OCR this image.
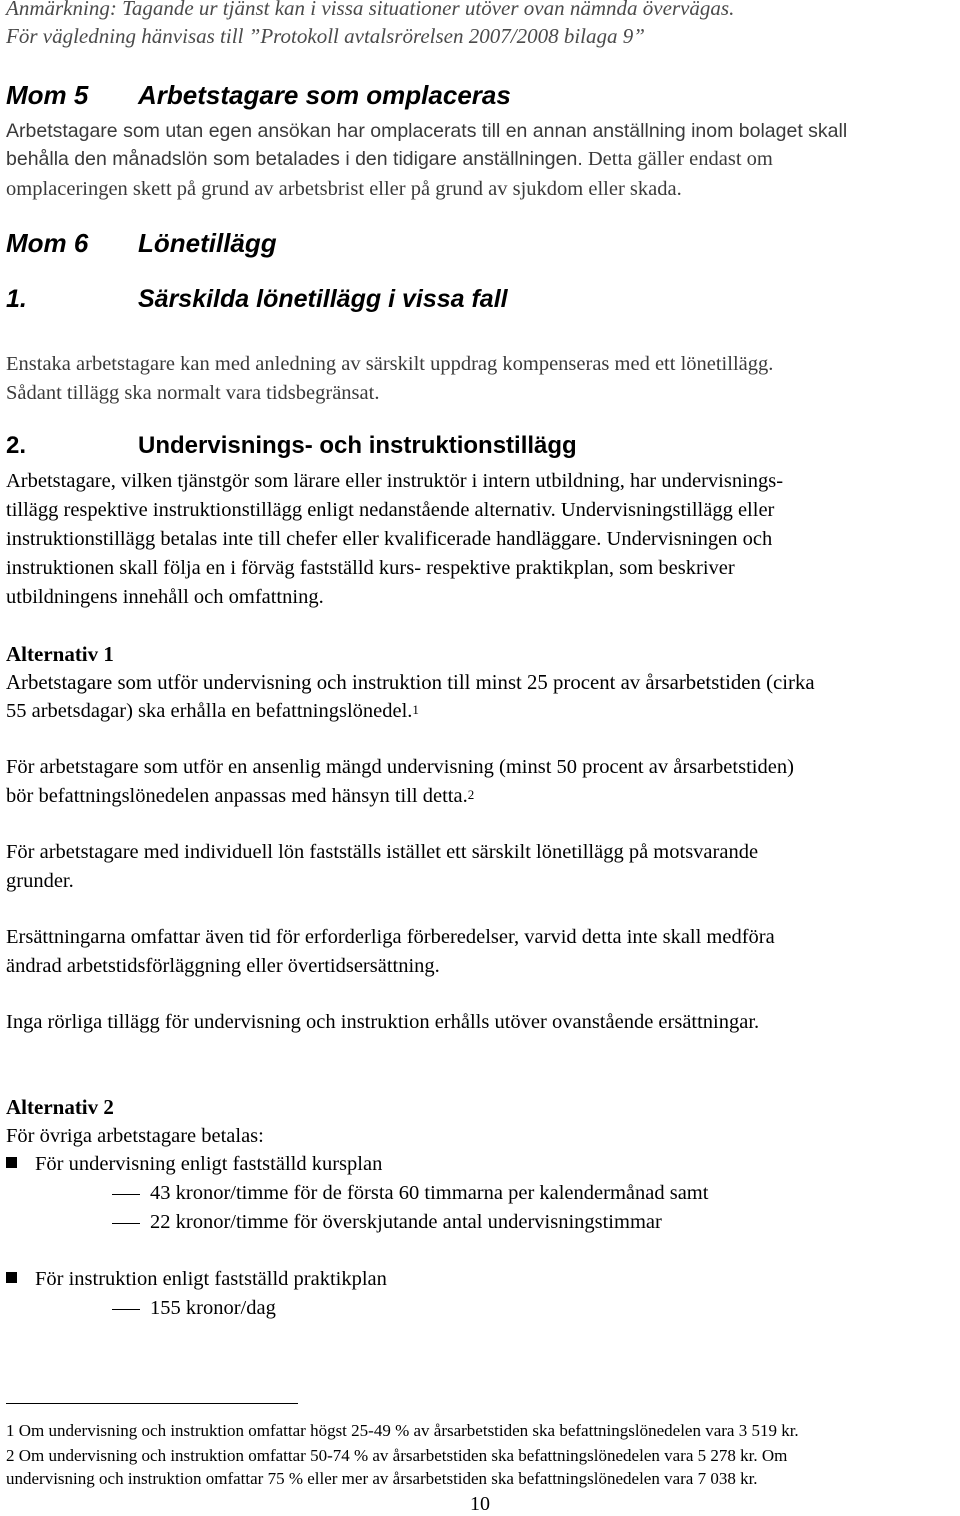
Anmärkning: Tagande ur tjänst kan i vissa situationer utöver ovan nämnda övervägas.
För vägledning hänvisas till ”Protokoll avtalsrörelsen 2007/2008 bilaga 9”
Mom 5 Arbetstagare som omplaceras
Arbetstagare som utan egen ansökan har omplacerats till en annan anställning inom bolaget skall
behålla den månadslön som betalades i den tidigare anställningen. Detta gäller endast om
omplaceringen skett på grund av arbetsbrist eller på grund av sjukdom eller skada.
Mom 6 Lönetillägg
1.	Särskilda lönetillägg i vissa fall
Enstaka arbetstagare kan med anledning av särskilt uppdrag kompenseras med ett lönetillägg.
Sådant tillägg ska normalt vara tidsbegränsat.
2.	Undervisnings- och instruktionstillägg
Arbetstagare, vilken tjänstgör som lärare eller instruktör i intern utbildning, har undervisnings-
tillägg respektive instruktionstillägg enligt nedanstående alternativ. Undervisningstillägg eller
instruktionstillägg betalas inte till chefer eller kvalificerade handläggare. Undervisningen och
instruktionen skall följa en i förväg fastställd kurs- respektive praktikplan, som beskriver
utbildningens innehåll och omfattning.
Alternativ 1
Arbetstagare som utför undervisning och instruktion till minst 25 procent av årsarbetstiden (cirka
55 arbetsdagar) ska erhålla en befattningslönedel.$^1$
För arbetstagare som utför en ansenlig mängd undervisning (minst 50 procent av årsarbetstiden)
bör befattningslönedelen anpassas med hänsyn till detta.$^2$
För arbetstagare med individuell lön fastställs istället ett särskilt lönetillägg på motsvarande
grunder.
Ersättningarna omfattar även tid för erforderliga förberedelser, varvid detta inte skall medföra
ändrad arbetstidsförläggning eller övertidsersättning.
Inga rörliga tillägg för undervisning och instruktion erhålls utöver ovanstående ersättningar.
Alternativ 2
För övriga arbetstagare betalas:
För undervisning enligt fastställd kursplan
43 kronor/timme för de första 60 timmarna per kalendermånad samt
22 kronor/timme för överskjutande antal undervisningstimmar
För instruktion enligt fastställd praktikplan
155 kronor/dag
1 Om undervisning och instruktion omfattar högst 25-49 % av årsarbetstiden ska befattningslönedelen vara 3 519 kr.
2 Om undervisning och instruktion omfattar 50-74 % av årsarbetstiden ska befattningslönedelen vara 5 278 kr. Om
undervisning och instruktion omfattar 75 % eller mer av årsarbetstiden ska befattningslönedelen vara 7 038 kr.
10
